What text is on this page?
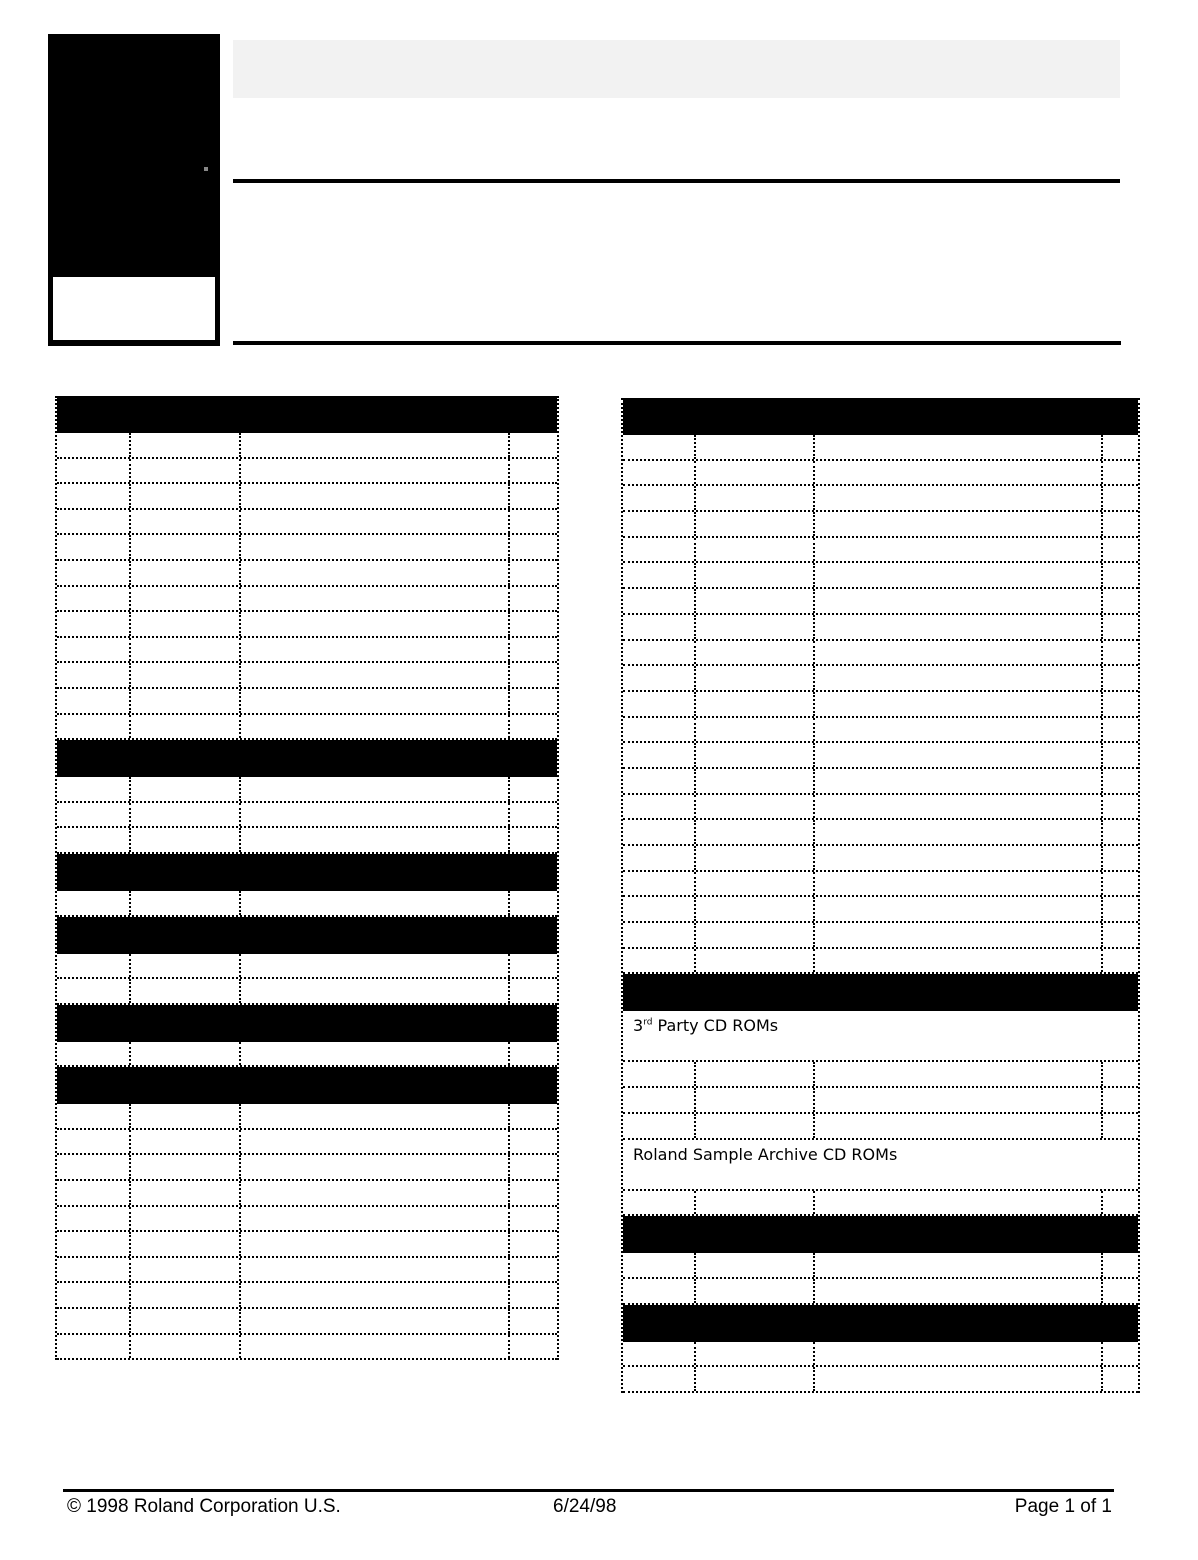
3rd Party CD ROMs
Roland Sample Archive CD ROMs
© 1998 Roland Corporation U.S.	6/24/98	Page 1 of 1
